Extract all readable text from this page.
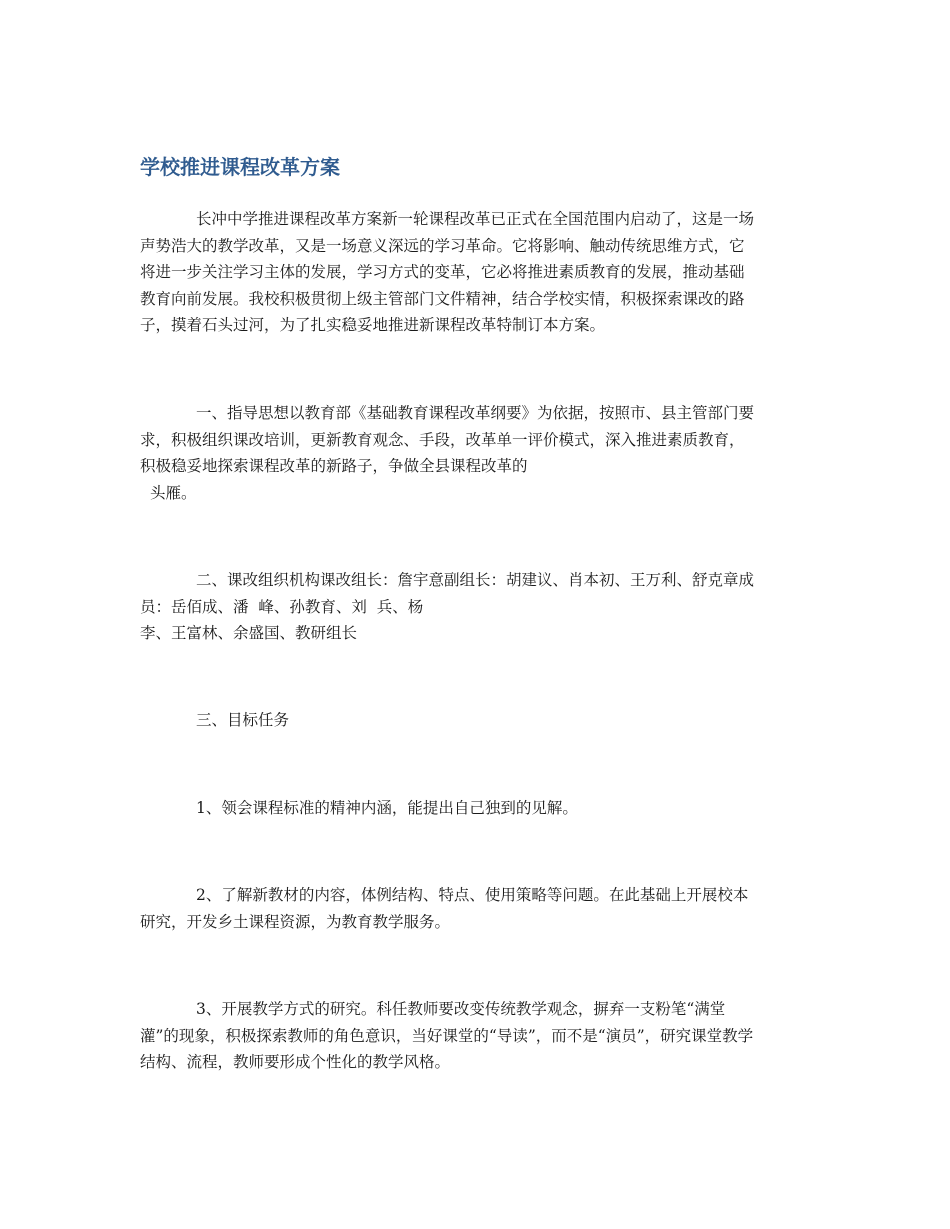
学校推进课程改革方案
长冲中学推进课程改革方案新一轮课程改革已正式在全国范围内启动了，这是一场
声势浩大的教学改革，又是一场意义深远的学习革命。它将影响、触动传统思维方式，它
将进一步关注学习主体的发展，学习方式的变革，它必将推进素质教育的发展，推动基础
教育向前发展。我校积极贯彻上级主管部门文件精神，结合学校实情，积极探索课改的路
子，摸着石头过河，为了扎实稳妥地推进新课程改革特制订本方案。
一、指导思想以教育部《基础教育课程改革纲要》为依据，按照市、县主管部门要
求，积极组织课改培训，更新教育观念、手段，改革单一评价模式，深入推进素质教育，
积极稳妥地探索课程改革的新路子，争做全县课程改革的
头雁。
二、课改组织机构课改组长：詹宇意副组长：胡建议、肖本初、王万利、舒克章成
员：岳佰成、潘  峰、孙教育、刘  兵、杨
李、王富林、余盛国、教研组长

三、目标任务

1、领会课程标准的精神内涵，能提出自己独到的见解。
2、了解新教材的内容，体例结构、特点、使用策略等问题。在此基础上开展校本
研究，开发乡土课程资源，为教育教学服务。
3、开展教学方式的研究。科任教师要改变传统教学观念，摒弃一支粉笔“满堂
灌”的现象，积极探索教师的角色意识，当好课堂的“导读”，而不是“演员”，研究课堂教学
结构、流程，教师要形成个性化的教学风格。
